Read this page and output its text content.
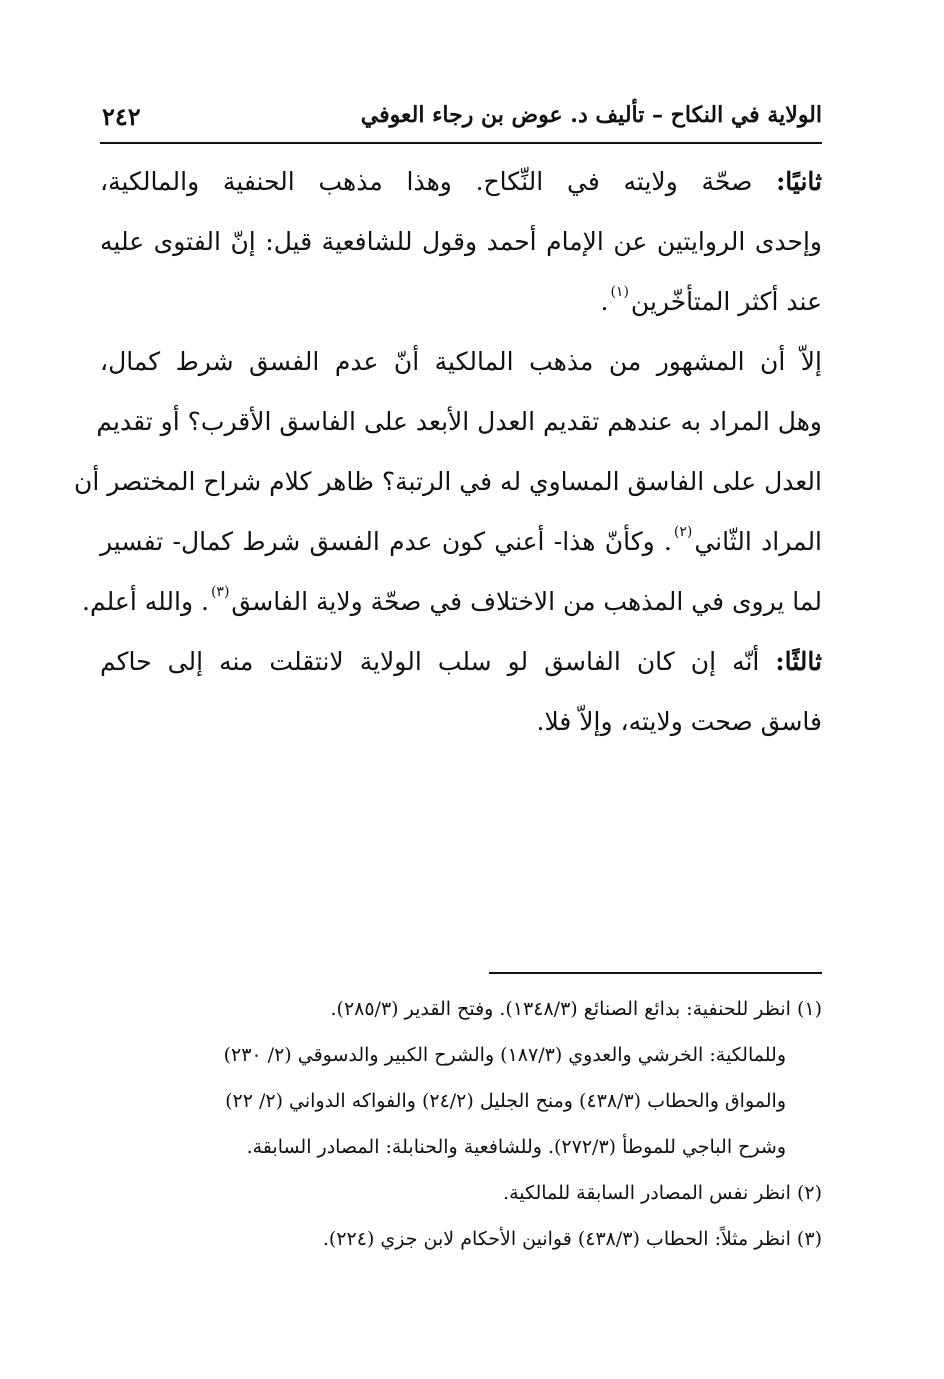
الولاية في النكاح – تأليف د. عوض بن رجاء العوفي
٢٤٢
ثانيًا: صحّة ولايته في النِّكاح. وهذا مذهب الحنفية والمالكية،
وإحدى الروايتين عن الإمام أحمد وقول للشافعية قيل: إنّ الفتوى عليه
عند أكثر المتأخّرين$^{(١)}$.
إلاّ أن المشهور من مذهب المالكية أنّ عدم الفسق شرط كمال،
وهل المراد به عندهم تقديم العدل الأبعد على الفاسق الأقرب؟ أو تقديم
العدل على الفاسق المساوي له في الرتبة؟ ظاهر كلام شراح المختصر أن
المراد الثّاني$^{(٢)}$. وكأنّ هذا- أعني كون عدم الفسق شرط كمال- تفسير
لما يروى في المذهب من الاختلاف في صحّة ولاية الفاسق$^{(٣)}$. والله أعلم.
ثالثًا: أنّه إن كان الفاسق لو سلب الولاية لانتقلت منه إلى حاكم
فاسق صحت ولايته، وإلاّ فلا.
(١) انظر للحنفية: بدائع الصنائع (١٣٤٨/٣). وفتح القدير (٢٨٥/٣).
وللمالكية: الخرشي والعدوي (١٨٧/٣) والشرح الكبير والدسوقي (٢/ ٢٣٠)
والمواق والحطاب (٤٣٨/٣) ومنح الجليل (٢٤/٢) والفواكه الدواني (٢/ ٢٢)
وشرح الباجي للموطأ (٢٧٢/٣). وللشافعية والحنابلة: المصادر السابقة.
(٢) انظر نفس المصادر السابقة للمالكية.
(٣) انظر مثلاً: الحطاب (٤٣٨/٣) قوانين الأحكام لابن جزي (٢٢٤).
